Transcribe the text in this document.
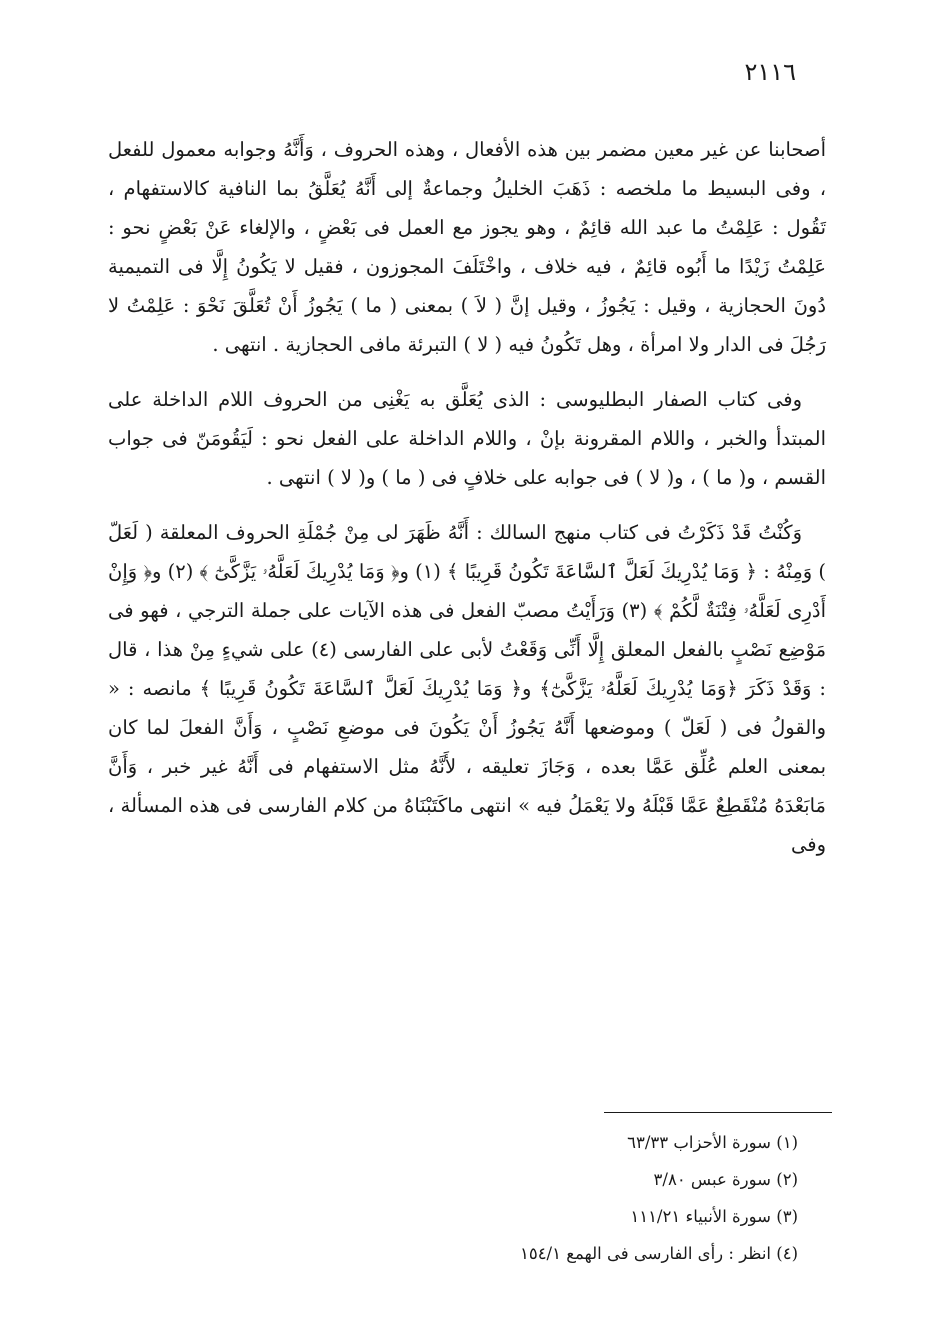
٢١١٦

أصحابنا عن غير معين مضمر بين هذه الأفعال ، وهذه الحروف ، وَأَنَّهُ وجوابه معمول للفعل ، وفى البسيط ما ملخصه : ذَهَبَ الخليلُ وجماعةٌ إلى أَنَّهُ يُعَلَّقُ بما النافية كالاستفهام ، تَقُول : عَلِمْتُ ما عبد الله قائِمٌ ، وهو يجوز مع العمل فى بَعْضٍ ، والإلغاء عَنْ بَعْضٍ نحو : عَلِمْتُ زَيْدًا ما أَبُوه قائِمٌ ، فيه خلاف ، واخْتَلَفَ المجوزون ، فقيل لا يَكُونُ إِلَّا فى التميمية دُونَ الحجازية ، وقيل : يَجُوزُ ، وقيل إنَّ ( لاَ ) بمعنى ( ما ) يَجُوزُ أَنْ تُعَلَّقَ نَحْوَ : عَلِمْتُ لا رَجُلَ فى الدار ولا امرأة ، وهل تَكُونُ فيه ( لا ) التبرئة مافى الحجازية . انتهى .

وفى كتاب الصفار البطليوسى : الذى يُعَلَّق به يَغْنِى من الحروف اللام الداخلة على المبتدأ والخبر ، واللام المقرونة بإنْ ، واللام الداخلة على الفعل نحو : لَيَقُومَنّ فى جواب القسم ، و( ما ) ، و( لا ) فى جوابه على خلافٍ فى ( ما ) و( لا ) انتهى .

وَكُنْتُ قَدْ ذَكَرْتُ فى كتاب منهج السالك : أَنَّهُ ظَهَرَ لى مِنْ جُمْلَةِ الحروف المعلقة ( لَعَلّ ) وَمِنْهُ : ﴿ وَمَا يُدْرِيكَ لَعَلَّ ٱلسَّاعَةَ تَكُونُ قَرِيبًا ﴾ (١) و﴿ وَمَا يُدْرِيكَ لَعَلَّهُۥ يَزَّكَّىٰٓ ﴾ (٢) و﴿ وَإِنْ أَدْرِى لَعَلَّهُۥ فِتْنَةٌ لَّكُمْ ﴾ (٣) وَرَأَيْتُ مصبّ الفعل فى هذه الآيات على جملة الترجي ، فهو فى مَوْضِع نَصْبٍ بالفعل المعلق إِلَّا أَنِّى وَقَعْتُ لأبى على الفارسى (٤) على شيءٍ مِنْ هذا ، قال : وَقَدْ ذَكَرَ ﴿وَمَا يُدْرِيكَ لَعَلَّهُۥ يَزَّكَّىٰٓ﴾ و﴿ وَمَا يُدْرِيكَ لَعَلَّ ٱلسَّاعَةَ تَكُونُ قَرِيبًا ﴾ مانصه : « والقولُ فى ( لَعَلّ ) وموضعها أَنَّهُ يَجُوزُ أَنْ يَكُونَ فى موضعِ نَصْبٍ ، وَأَنَّ الفعلَ لما كان بمعنى العلم عُلِّق عَمَّا بعده ، وَجَازَ تعليقه ، لأَنَّهُ مثل الاستفهام فى أَنَّهُ غير خبر ، وَأَنَّ مَابَعْدَهُ مُنْقَطِعٌ عَمَّا قَبْلَهُ ولا يَعْمَلُ فيه » انتهى ماكَتَبْنَاهُ من كلام الفارسى فى هذه المسألة ، وفى

(١) سورة الأحزاب ٦٣/٣٣
(٢) سورة عبس ٣/٨٠
(٣) سورة الأنبياء ١١١/٢١
(٤) انظر : رأى الفارسى فى الهمع ١٥٤/١
